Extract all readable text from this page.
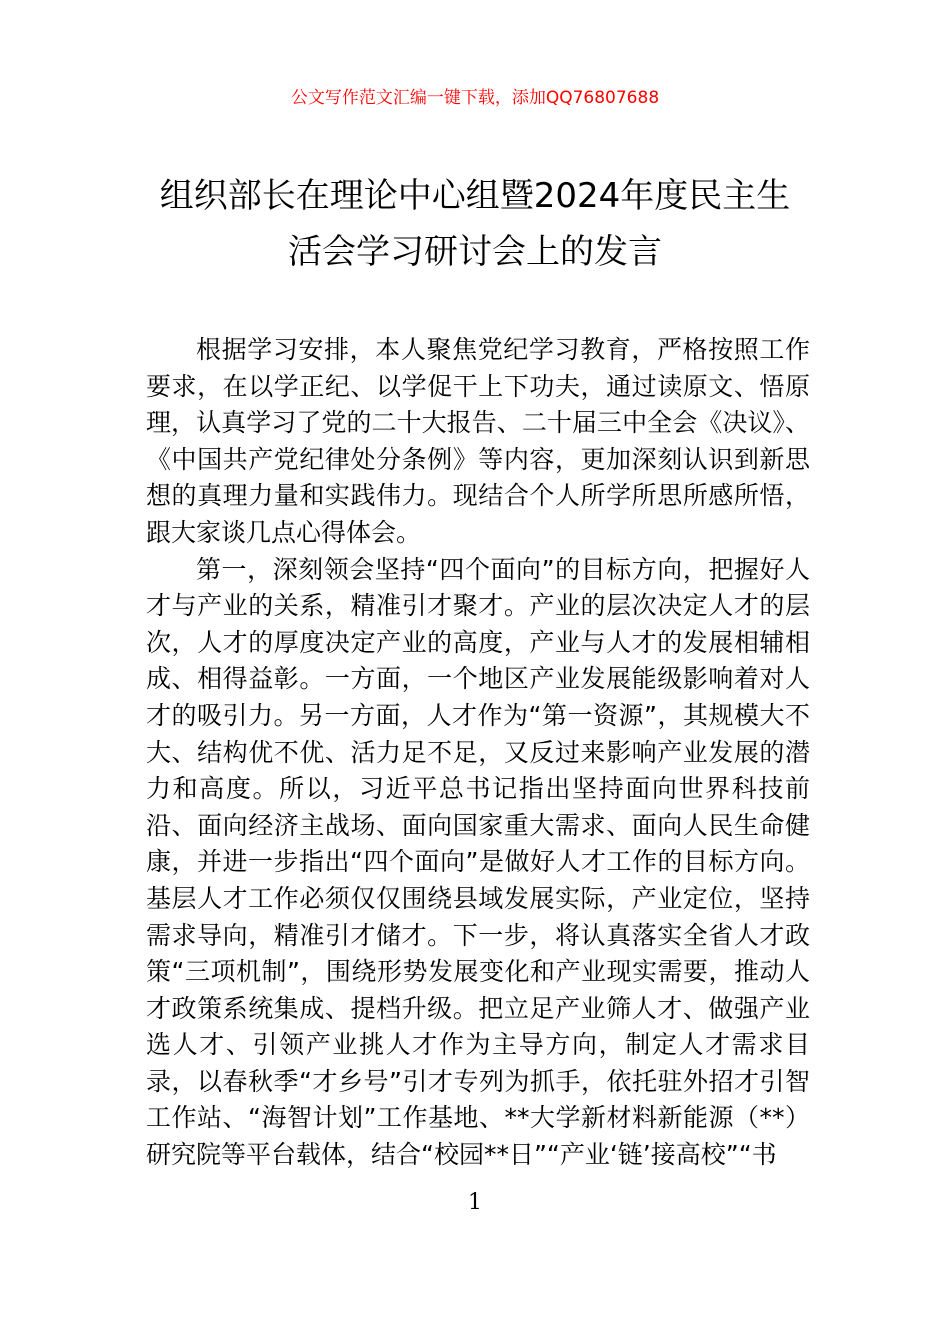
公文写作范文汇编一键下载，添加QQ76807688
组织部长在理论中心组暨2024年度民主生
活会学习研讨会上的发言

根据学习安排，本人聚焦党纪学习教育，严格按照工作要求，在以学正纪、以学促干上下功夫，通过读原文、悟原理，认真学习了党的二十大报告、二十届三中全会《决议》、《中国共产党纪律处分条例》等内容，更加深刻认识到新思想的真理力量和实践伟力。现结合个人所学所思所感所悟，跟大家谈几点心得体会。

第一，深刻领会坚持“四个面向”的目标方向，把握好人才与产业的关系，精准引才聚才。产业的层次决定人才的层次，人才的厚度决定产业的高度，产业与人才的发展相辅相成、相得益彰。一方面，一个地区产业发展能级影响着对人才的吸引力。另一方面，人才作为“第一资源”，其规模大不大、结构优不优、活力足不足，又反过来影响产业发展的潜力和高度。所以，习近平总书记指出坚持面向世界科技前沿、面向经济主战场、面向国家重大需求、面向人民生命健康，并进一步指出“四个面向”是做好人才工作的目标方向。基层人才工作必须仅仅围绕县域发展实际，产业定位，坚持需求导向，精准引才储才。下一步，将认真落实全省人才政策“三项机制”，围绕形势发展变化和产业现实需要，推动人才政策系统集成、提档升级。把立足产业筛人才、做强产业选人才、引领产业挑人才作为主导方向，制定人才需求目录，以春秋季“才乡号”引才专列为抓手，依托驻外招才引智工作站、“海智计划”工作基地、**大学新材料新能源（**）研究院等平台载体，结合“校园**日”“产业‘链’接高校”“书

1
